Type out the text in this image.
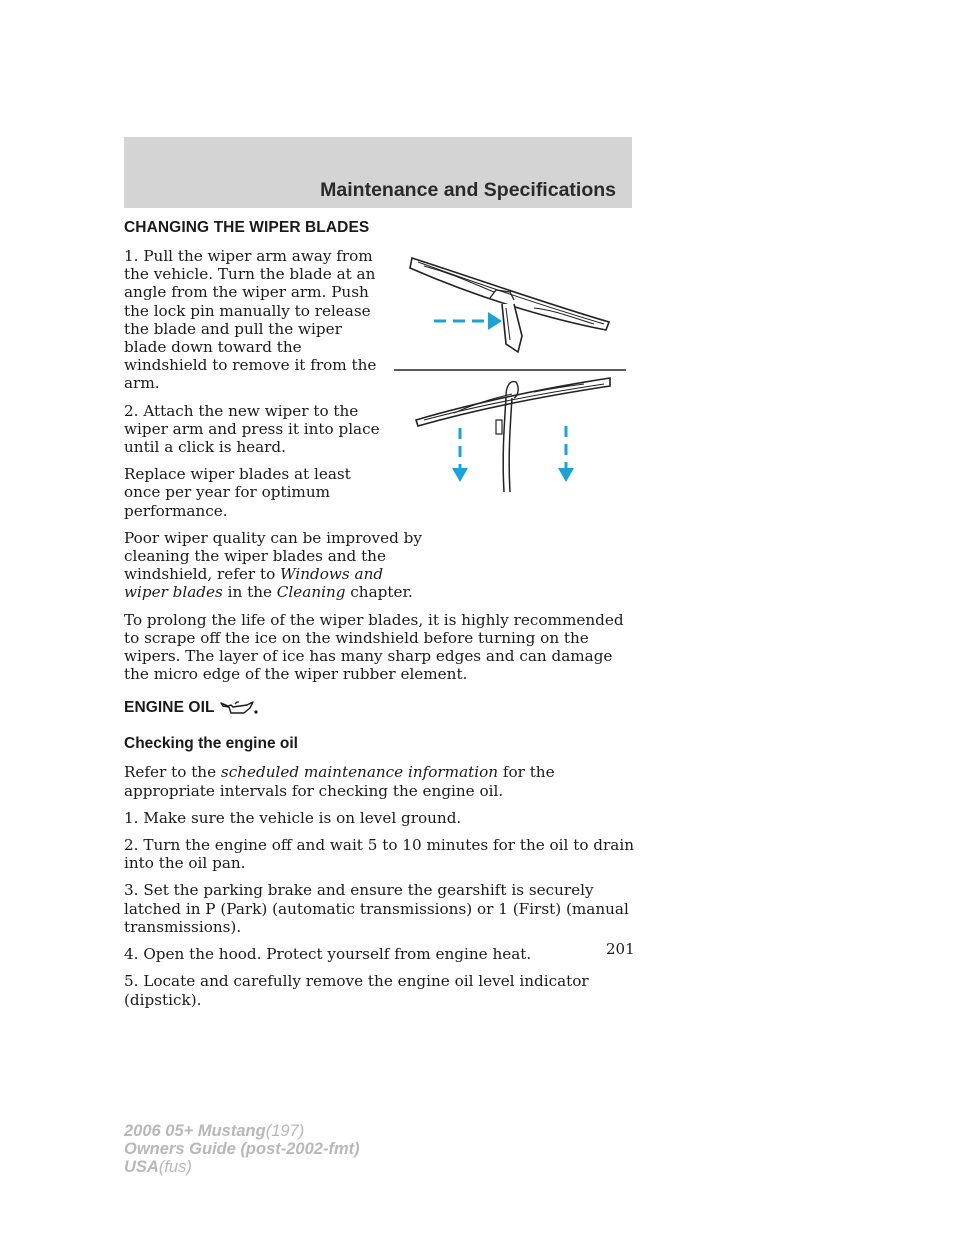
Maintenance and Specifications
CHANGING THE WIPER BLADES

1. Pull the wiper arm away from the vehicle. Turn the blade at an angle from the wiper arm. Push the lock pin manually to release the blade and pull the wiper blade down toward the windshield to remove it from the arm.

2. Attach the new wiper to the wiper arm and press it into place until a click is heard.

Replace wiper blades at least once per year for optimum performance.

Poor wiper quality can be improved by cleaning the wiper blades and the windshield, refer to Windows and wiper blades in the Cleaning chapter.

To prolong the life of the wiper blades, it is highly recommended to scrape off the ice on the windshield before turning on the wipers. The layer of ice has many sharp edges and can damage the micro edge of the wiper rubber element.

ENGINE OIL
Checking the engine oil

Refer to the scheduled maintenance information for the appropriate intervals for checking the engine oil.

1. Make sure the vehicle is on level ground.

2. Turn the engine off and wait 5 to 10 minutes for the oil to drain into the oil pan.

3. Set the parking brake and ensure the gearshift is securely latched in P (Park) (automatic transmissions) or 1 (First) (manual transmissions).

4. Open the hood. Protect yourself from engine heat.

5. Locate and carefully remove the engine oil level indicator (dipstick).

201
2006 05+ Mustang(197)
Owners Guide (post-2002-fmt)
USA(fus)
